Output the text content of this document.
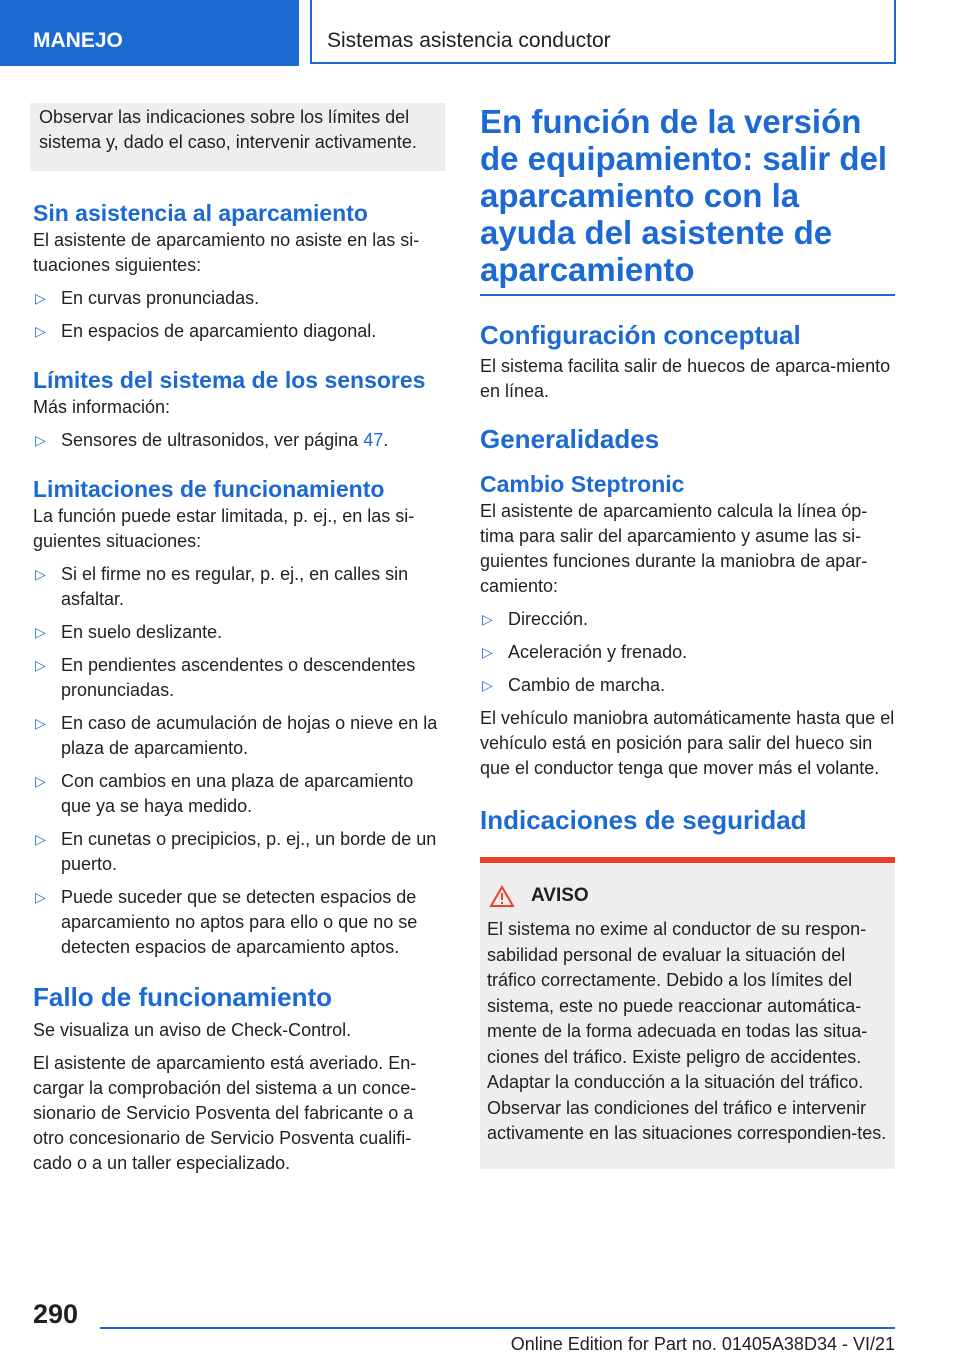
MANEJO	Sistemas asistencia conductor

Observar las indicaciones sobre los límites del sistema y, dado el caso, intervenir activamente.

Sin asistencia al aparcamiento

El asistente de aparcamiento no asiste en las si-tuaciones siguientes:

▷ En curvas pronunciadas.
▷ En espacios de aparcamiento diagonal.
Límites del sistema de los sensores

Más información:

▷ Sensores de ultrasonidos, ver página 47.
Limitaciones de funcionamiento

La función puede estar limitada, p. ej., en las si-guientes situaciones:

▷ Si el firme no es regular, p. ej., en calles sin asfaltar.
▷ En suelo deslizante.
▷ En pendientes ascendentes o descendentes pronunciadas.
▷ En caso de acumulación de hojas o nieve en la plaza de aparcamiento.
▷ Con cambios en una plaza de aparcamiento que ya se haya medido.
▷ En cunetas o precipicios, p. ej., un borde de un puerto.
▷ Puede suceder que se detecten espacios de aparcamiento no aptos para ello o que no se detecten espacios de aparcamiento aptos.
Fallo de funcionamiento

Se visualiza un aviso de Check-Control.

El asistente de aparcamiento está averiado. En-cargar la comprobación del sistema a un conce-sionario de Servicio Posventa del fabricante o a otro concesionario de Servicio Posventa cualifi-cado o a un taller especializado.

En función de la versión de equipamiento: salir del aparcamiento con la ayuda del asistente de aparcamiento
Configuración conceptual

El sistema facilita salir de huecos de aparca-miento en línea.

Generalidades
Cambio Steptronic

El asistente de aparcamiento calcula la línea óp-tima para salir del aparcamiento y asume las si-guientes funciones durante la maniobra de apar-camiento:

▷ Dirección.
▷ Aceleración y frenado.
▷ Cambio de marcha.

El vehículo maniobra automáticamente hasta que el vehículo está en posición para salir del hueco sin que el conductor tenga que mover más el volante.

Indicaciones de seguridad
AVISO

El sistema no exime al conductor de su respon-sabilidad personal de evaluar la situación del tráfico correctamente. Debido a los límites del sistema, este no puede reaccionar automática-mente de la forma adecuada en todas las situa-ciones del tráfico. Existe peligro de accidentes. Adaptar la conducción a la situación del tráfico. Observar las condiciones del tráfico e intervenir activamente en las situaciones correspondien-tes.

290
Online Edition for Part no. 01405A38D34 - VI/21
